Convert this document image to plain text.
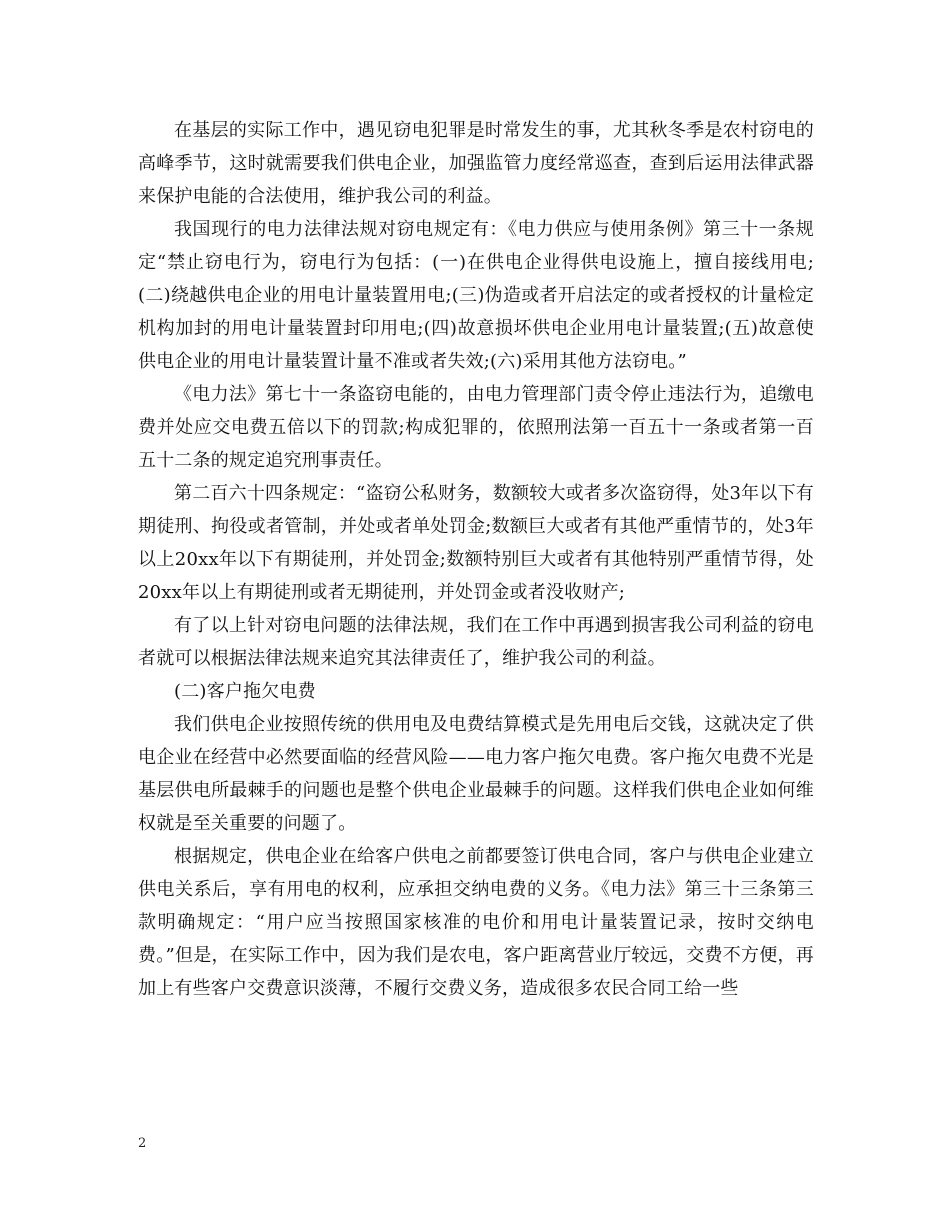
在基层的实际工作中，遇见窃电犯罪是时常发生的事，尤其秋冬季是农村窃电的高峰季节，这时就需要我们供电企业，加强监管力度经常巡查，查到后运用法律武器来保护电能的合法使用，维护我公司的利益。

我国现行的电力法律法规对窃电规定有：《电力供应与使用条例》第三十一条规定“禁止窃电行为，窃电行为包括：(一)在供电企业得供电设施上，擅自接线用电;(二)绕越供电企业的用电计量装置用电;(三)伪造或者开启法定的或者授权的计量检定机构加封的用电计量装置封印用电;(四)故意损坏供电企业用电计量装置;(五)故意使供电企业的用电计量装置计量不准或者失效;(六)采用其他方法窃电。”

《电力法》第七十一条盗窃电能的，由电力管理部门责令停止违法行为，追缴电费并处应交电费五倍以下的罚款;构成犯罪的，依照刑法第一百五十一条或者第一百五十二条的规定追究刑事责任。

第二百六十四条规定：“盗窃公私财务，数额较大或者多次盗窃得，处3年以下有期徒刑、拘役或者管制，并处或者单处罚金;数额巨大或者有其他严重情节的，处3年以上20xx年以下有期徒刑，并处罚金;数额特别巨大或者有其他特别严重情节得，处20xx年以上有期徒刑或者无期徒刑，并处罚金或者没收财产;

有了以上针对窃电问题的法律法规，我们在工作中再遇到损害我公司利益的窃电者就可以根据法律法规来追究其法律责任了，维护我公司的利益。

(二)客户拖欠电费

我们供电企业按照传统的供用电及电费结算模式是先用电后交钱，这就决定了供电企业在经营中必然要面临的经营风险——电力客户拖欠电费。客户拖欠电费不光是基层供电所最棘手的问题也是整个供电企业最棘手的问题。这样我们供电企业如何维权就是至关重要的问题了。

根据规定，供电企业在给客户供电之前都要签订供电合同，客户与供电企业建立供电关系后，享有用电的权利，应承担交纳电费的义务。《电力法》第三十三条第三款明确规定：“用户应当按照国家核准的电价和用电计量装置记录，按时交纳电费。”但是，在实际工作中，因为我们是农电，客户距离营业厅较远，交费不方便，再加上有些客户交费意识淡薄，不履行交费义务，造成很多农民合同工给一些

2
